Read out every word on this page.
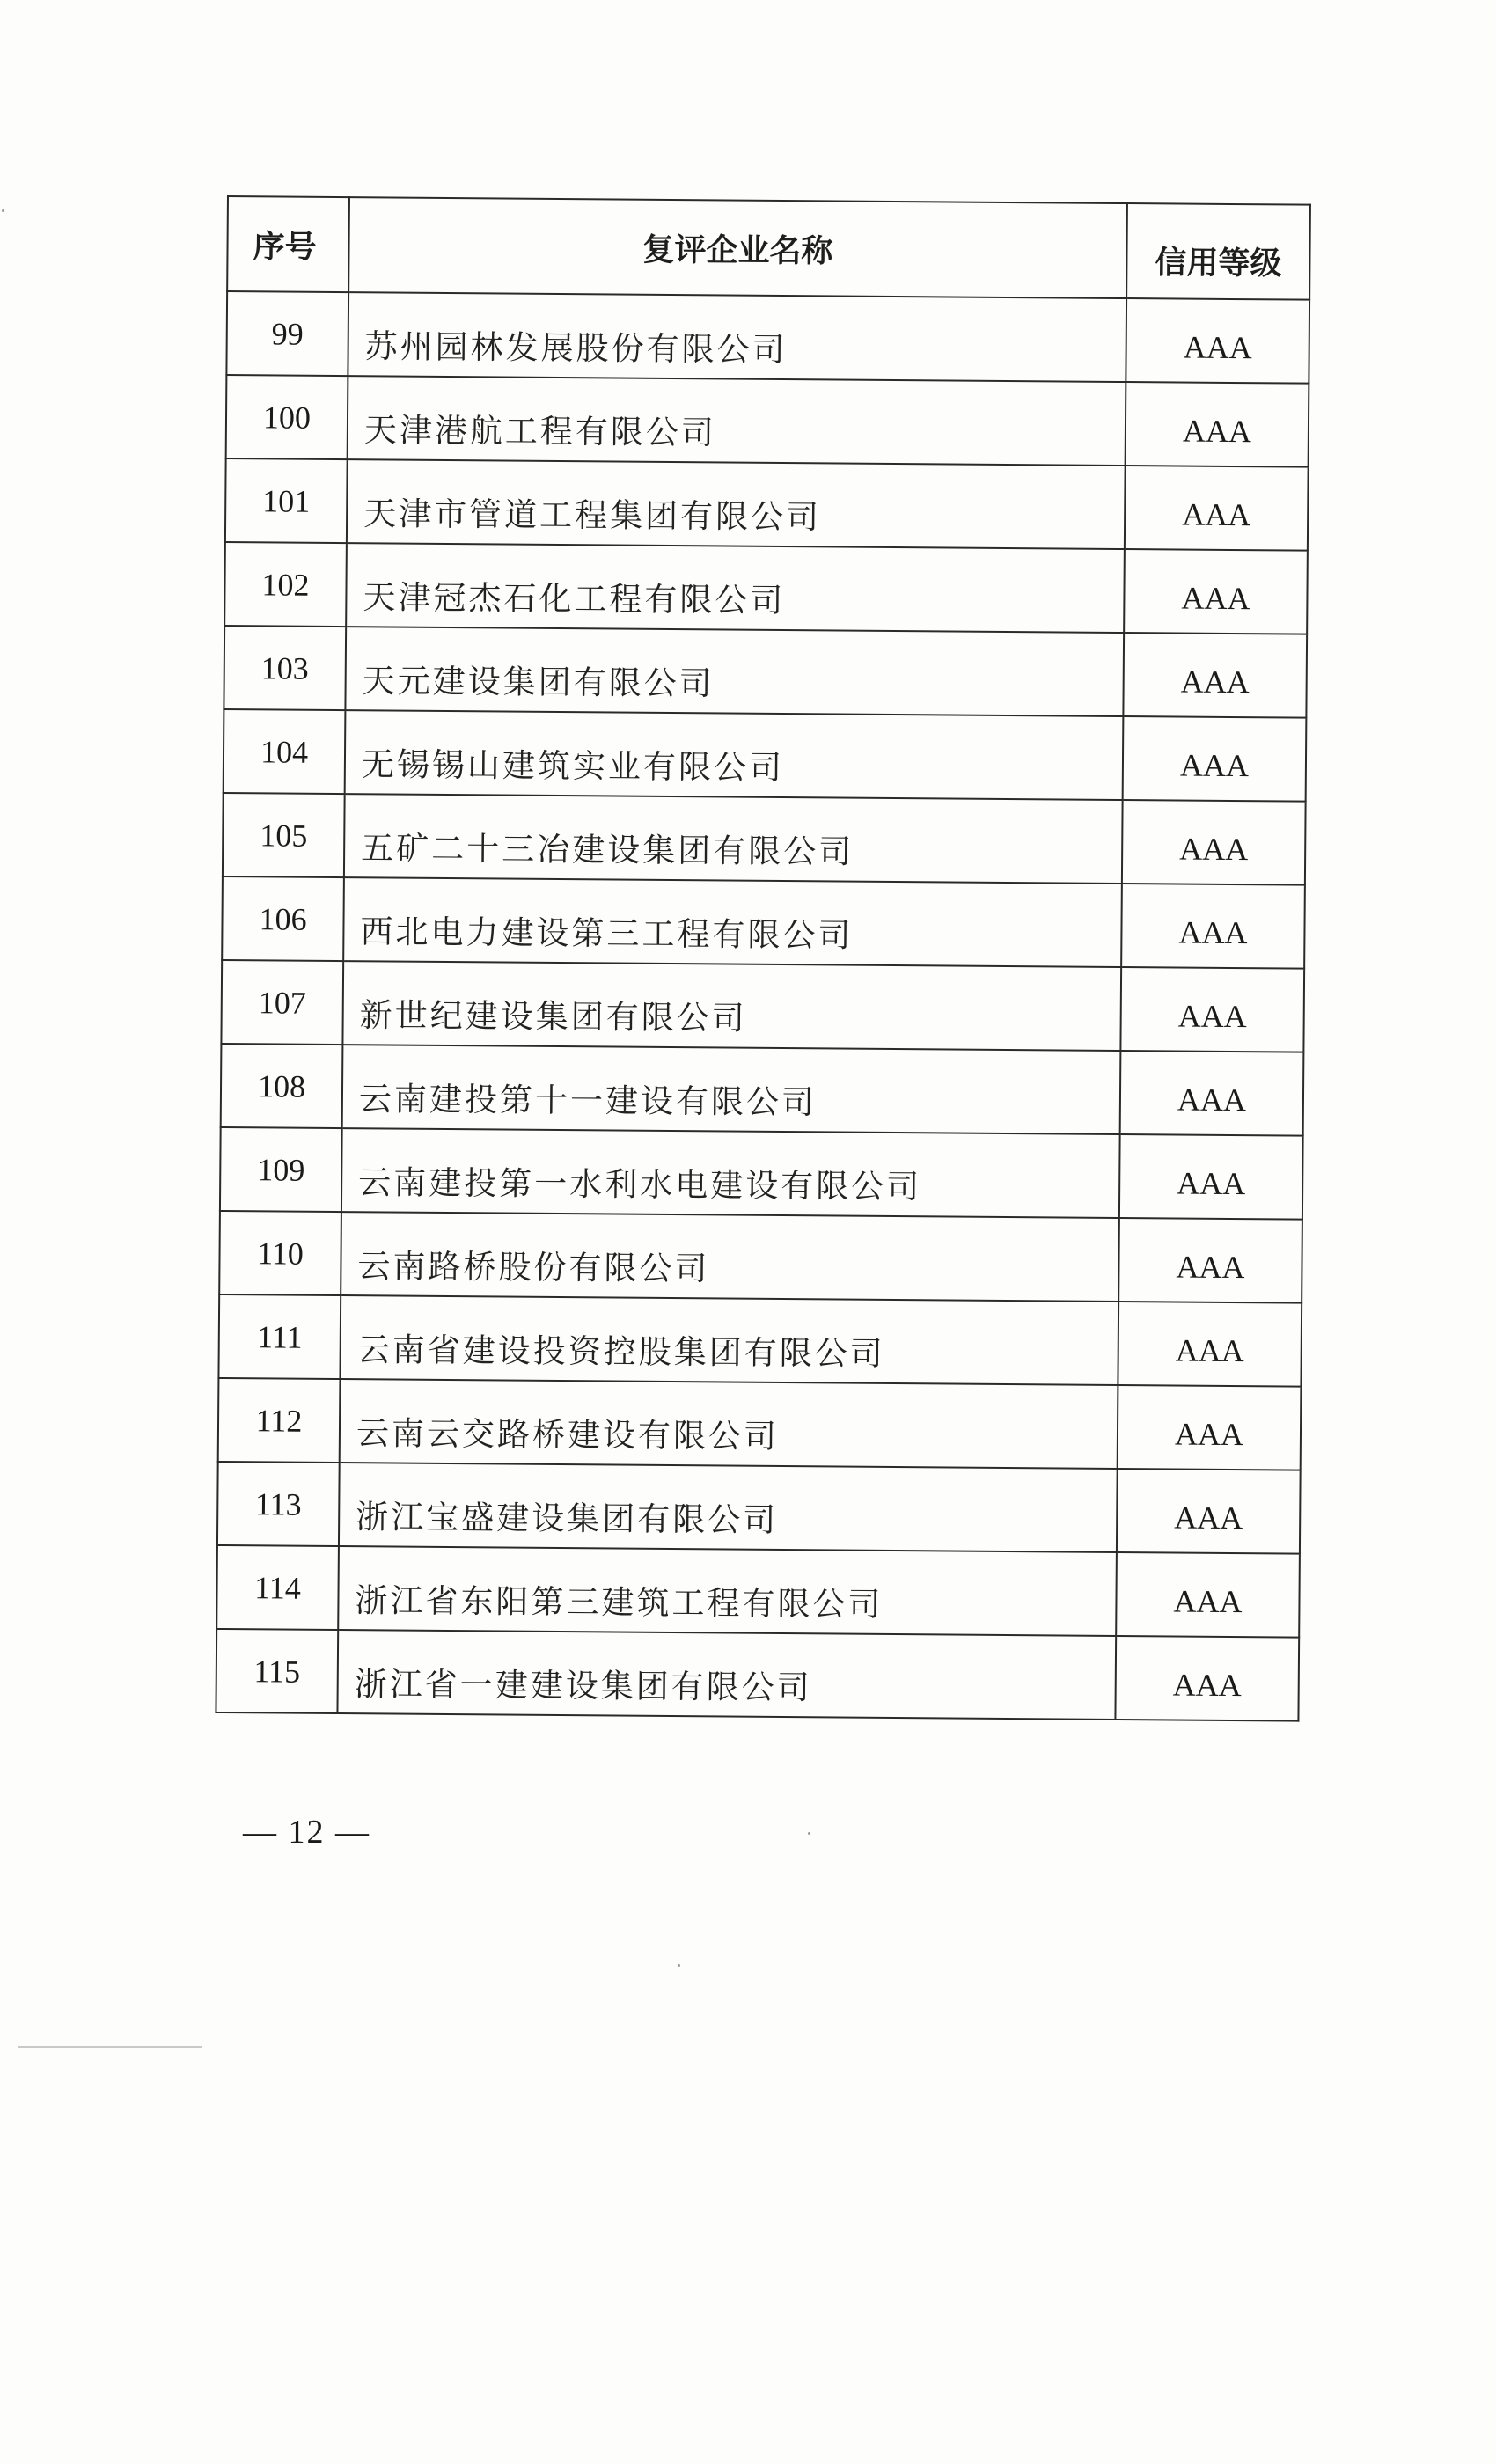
序号	复评企业名称	信用等级
99	苏州园林发展股份有限公司	AAA
100	天津港航工程有限公司	AAA
101	天津市管道工程集团有限公司	AAA
102	天津冠杰石化工程有限公司	AAA
103	天元建设集团有限公司	AAA
104	无锡锡山建筑实业有限公司	AAA
105	五矿二十三冶建设集团有限公司	AAA
106	西北电力建设第三工程有限公司	AAA
107	新世纪建设集团有限公司	AAA
108	云南建投第十一建设有限公司	AAA
109	云南建投第一水利水电建设有限公司	AAA
110	云南路桥股份有限公司	AAA
111	云南省建设投资控股集团有限公司	AAA
112	云南云交路桥建设有限公司	AAA
113	浙江宝盛建设集团有限公司	AAA
114	浙江省东阳第三建筑工程有限公司	AAA
115	浙江省一建建设集团有限公司	AAA
— 12 —
